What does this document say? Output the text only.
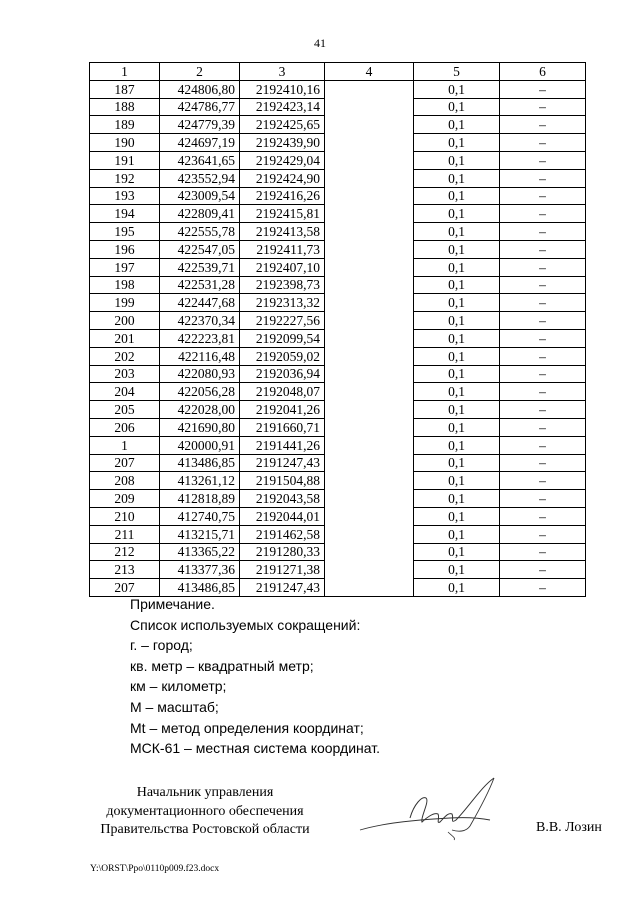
41
1	2	3	4	5	6
187	424806,80	2192410,16		0,1	–
188	424786,77	2192423,14		0,1	–
189	424779,39	2192425,65		0,1	–
190	424697,19	2192439,90		0,1	–
191	423641,65	2192429,04		0,1	–
192	423552,94	2192424,90		0,1	–
193	423009,54	2192416,26		0,1	–
194	422809,41	2192415,81		0,1	–
195	422555,78	2192413,58		0,1	–
196	422547,05	2192411,73		0,1	–
197	422539,71	2192407,10		0,1	–
198	422531,28	2192398,73		0,1	–
199	422447,68	2192313,32		0,1	–
200	422370,34	2192227,56		0,1	–
201	422223,81	2192099,54		0,1	–
202	422116,48	2192059,02		0,1	–
203	422080,93	2192036,94		0,1	–
204	422056,28	2192048,07		0,1	–
205	422028,00	2192041,26		0,1	–
206	421690,80	2191660,71		0,1	–
1	420000,91	2191441,26		0,1	–
207	413486,85	2191247,43		0,1	–
208	413261,12	2191504,88		0,1	–
209	412818,89	2192043,58		0,1	–
210	412740,75	2192044,01		0,1	–
211	413215,71	2191462,58		0,1	–
212	413365,22	2191280,33		0,1	–
213	413377,36	2191271,38		0,1	–
207	413486,85	2191247,43		0,1	–
Примечание.
Список используемых сокращений:
г. – город;
кв. метр – квадратный метр;
км – километр;
М – масштаб;
Mt – метод определения координат;
МСК-61 – местная система координат.
Начальник управления
документационного обеспечения
Правительства Ростовской области	В.В. Лозин
Y:\ORST\Ppo\0110p009.f23.docx
